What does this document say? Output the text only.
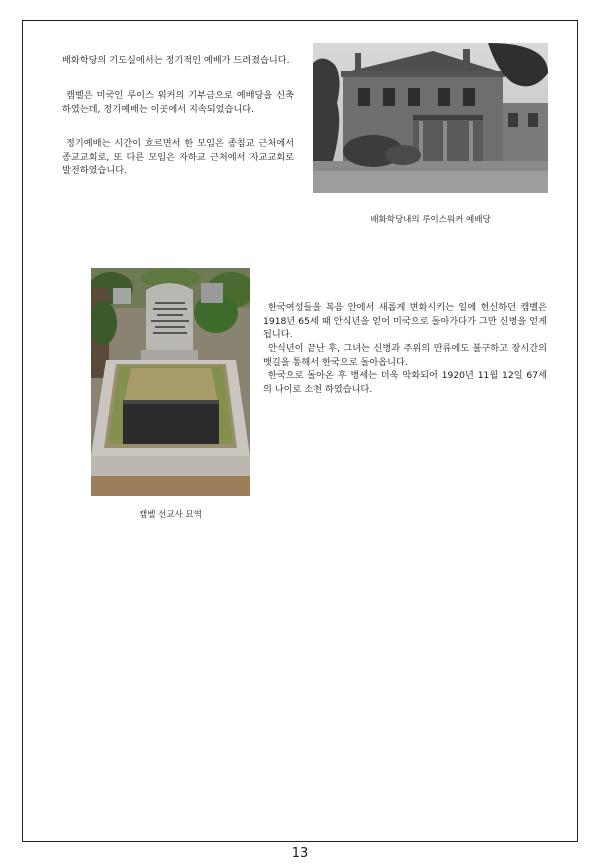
배화학당의 기도실에서는 정기적인 예배가 드려졌습니다.

캠벨은 미국인 루이스 워커의 기부금으로 예배당을 신축하였는데, 정기예배는 이곳에서 지속되었습니다.

정기예배는 시간이 흐르면서 한 모임은 종침교 근처에서 종교교회로, 또 다른 모임은 자하교 근처에서 자교교회로 발전하였습니다.

배화학당내의 루이스워커 예배당

캠벨 선교사 묘역

한국여성들을 복음 안에서 새롭게 변화시키는 일에 헌신하던 캠벨은 1918년 65세 때 안식년을 얻어 미국으로 돌아가다가 그만 신병을 얻게 됩니다.

안식년이 끝난 후, 그녀는 신병과 주위의 만류에도 불구하고 장시간의 뱃길을 통해서 한국으로 돌아옵니다.

한국으로 돌아온 후 병세는 더욱 악화되어 1920년 11월 12일 67세의 나이로 소천 하였습니다.

13
